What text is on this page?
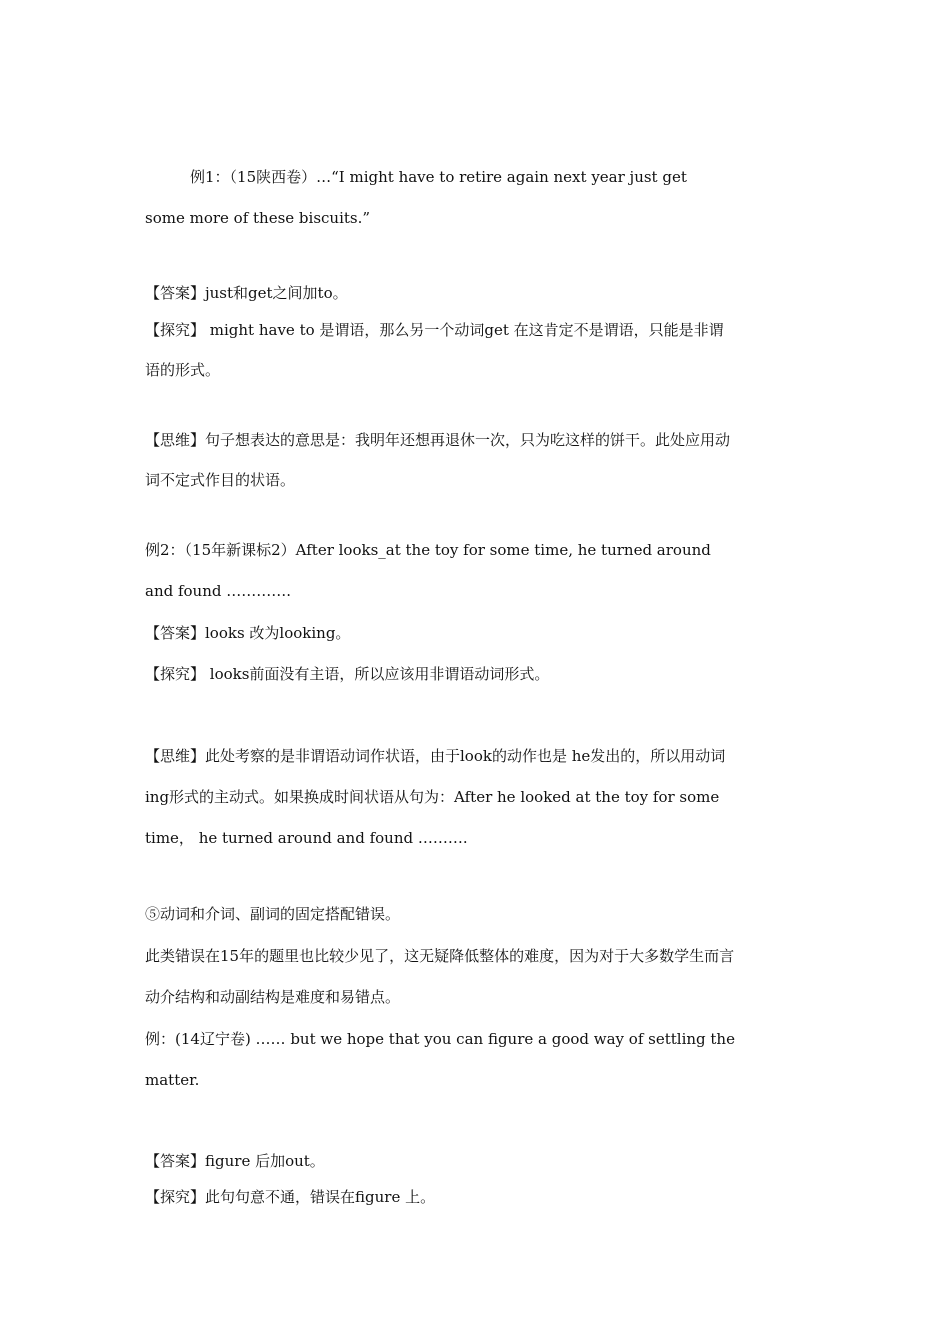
例1：（15陕西卷）…“I might have to retire again next year just get
some more of these biscuits.”
【答案】just和get之间加to。
【探究】 might have to 是谓语，那么另一个动词get 在这肯定不是谓语，只能是非谓
语的形式。
【思维】句子想表达的意思是：我明年还想再退休一次，只为吃这样的饼干。此处应用动
词不定式作目的状语。
例2：（15年新课标2）After looks_at the toy for some time, he turned around
and found ………….
【答案】looks 改为looking。
【探究】 looks前面没有主语，所以应该用非谓语动词形式。
【思维】此处考察的是非谓语动词作状语，由于look的动作也是 he发出的，所以用动词
ing形式的主动式。如果换成时间状语从句为：After he looked at the toy for some
time， he turned around and found ……….
⑤动词和介词、副词的固定搭配错误。
此类错误在15年的题里也比较少见了，这无疑降低整体的难度，因为对于大多数学生而言
动介结构和动副结构是难度和易错点。
例：(14辽宁卷) …… but we hope that you can figure a good way of settling the
matter.
【答案】figure 后加out。
【探究】此句句意不通，错误在figure 上。
